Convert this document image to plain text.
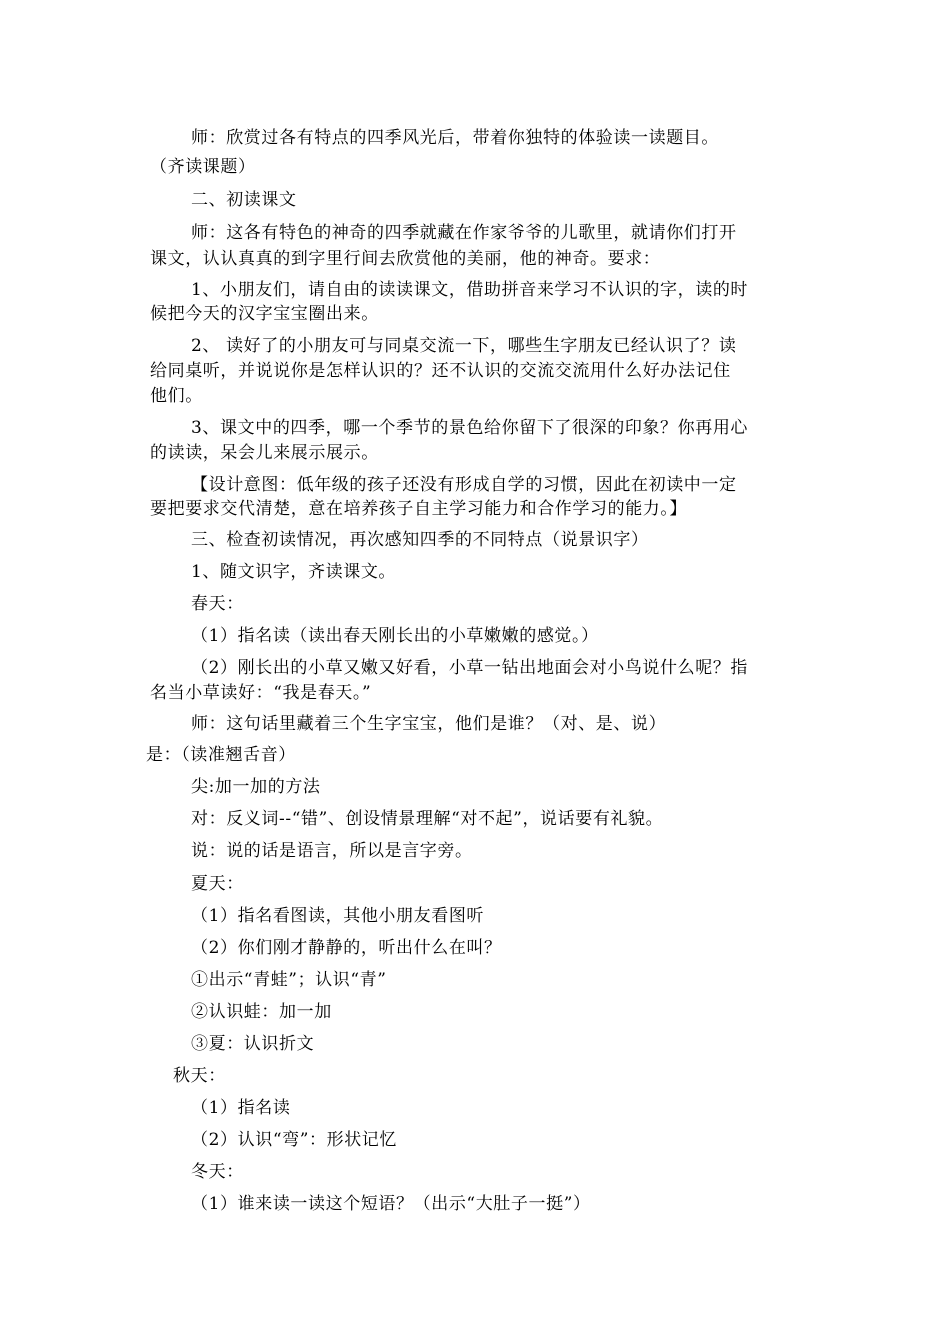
师：欣赏过各有特点的四季风光后，带着你独特的体验读一读题目。
（齐读课题）
二、初读课文
师：这各有特色的神奇的四季就藏在作家爷爷的儿歌里，就请你们打开
课文，认认真真的到字里行间去欣赏他的美丽，他的神奇。要求：
1、小朋友们，请自由的读读课文，借助拼音来学习不认识的字，读的时
候把今天的汉字宝宝圈出来。
2、 读好了的小朋友可与同桌交流一下，哪些生字朋友已经认识了？读
给同桌听，并说说你是怎样认识的？还不认识的交流交流用什么好办法记住
他们。
3、课文中的四季，哪一个季节的景色给你留下了很深的印象？你再用心
的读读，呆会儿来展示展示。
【设计意图：低年级的孩子还没有形成自学的习惯，因此在初读中一定
要把要求交代清楚，意在培养孩子自主学习能力和合作学习的能力。】
三、检查初读情况，再次感知四季的不同特点（说景识字）
1、随文识字，齐读课文。
春天：
（1）指名读（读出春天刚长出的小草嫩嫩的感觉。）
（2）刚长出的小草又嫩又好看，小草一钻出地面会对小鸟说什么呢？指
名当小草读好：“我是春天。”
师：这句话里藏着三个生字宝宝，他们是谁？（对、是、说）
是：（读准翘舌音）
尖:加一加的方法
对：反义词--“错”、创设情景理解“对不起”，说话要有礼貌。
说：说的话是语言，所以是言字旁。
夏天：
（1）指名看图读，其他小朋友看图听
（2）你们刚才静静的，听出什么在叫？
①出示“青蛙”；认识“青”
②认识蛙：加一加
③夏：认识折文
秋天：
（1）指名读
（2）认识“弯”：形状记忆
冬天：
（1）谁来读一读这个短语？（出示“大肚子一挺”）
